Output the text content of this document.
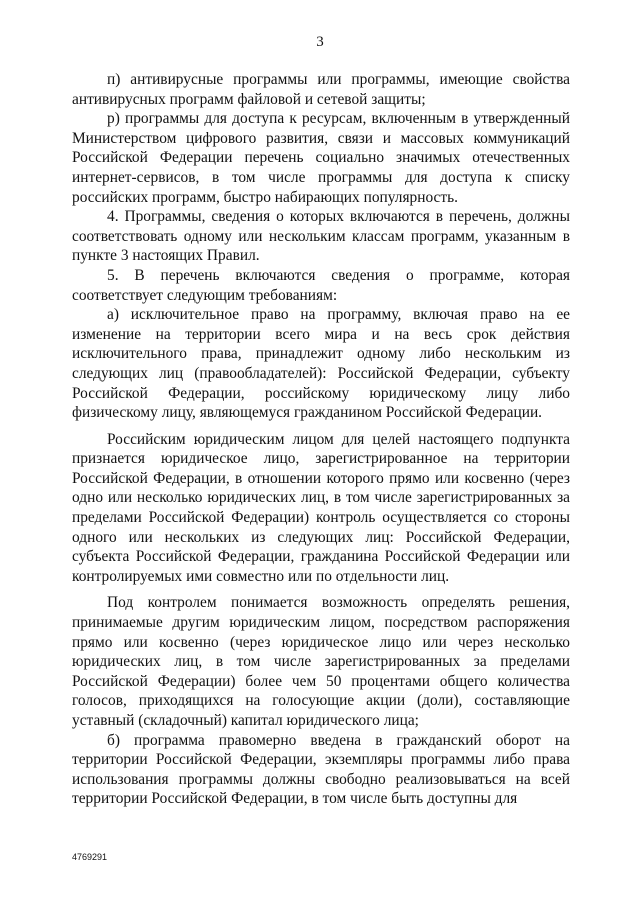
3

п) антивирусные программы или программы, имеющие свойства антивирусных программ файловой и сетевой защиты;

р) программы для доступа к ресурсам, включенным в утвержденный Министерством цифрового развития, связи и массовых коммуникаций Российской Федерации перечень социально значимых отечественных интернет-сервисов, в том числе программы для доступа к списку российских программ, быстро набирающих популярность.

4. Программы, сведения о которых включаются в перечень, должны соответствовать одному или нескольким классам программ, указанным в пункте 3 настоящих Правил.

5. В перечень включаются сведения о программе, которая соответствует следующим требованиям:

а) исключительное право на программу, включая право на ее изменение на территории всего мира и на весь срок действия исключительного права, принадлежит одному либо нескольким из следующих лиц (правообладателей): Российской Федерации, субъекту Российской Федерации, российскому юридическому лицу либо физическому лицу, являющемуся гражданином Российской Федерации.

Российским юридическим лицом для целей настоящего подпункта признается юридическое лицо, зарегистрированное на территории Российской Федерации, в отношении которого прямо или косвенно (через одно или несколько юридических лиц, в том числе зарегистрированных за пределами Российской Федерации) контроль осуществляется со стороны одного или нескольких из следующих лиц: Российской Федерации, субъекта Российской Федерации, гражданина Российской Федерации или контролируемых ими совместно или по отдельности лиц.

Под контролем понимается возможность определять решения, принимаемые другим юридическим лицом, посредством распоряжения прямо или косвенно (через юридическое лицо или через несколько юридических лиц, в том числе зарегистрированных за пределами Российской Федерации) более чем 50 процентами общего количества голосов, приходящихся на голосующие акции (доли), составляющие уставный (складочный) капитал юридического лица;

б) программа правомерно введена в гражданский оборот на территории Российской Федерации, экземпляры программы либо права использования программы должны свободно реализовываться на всей территории Российской Федерации, в том числе быть доступны для

4769291
